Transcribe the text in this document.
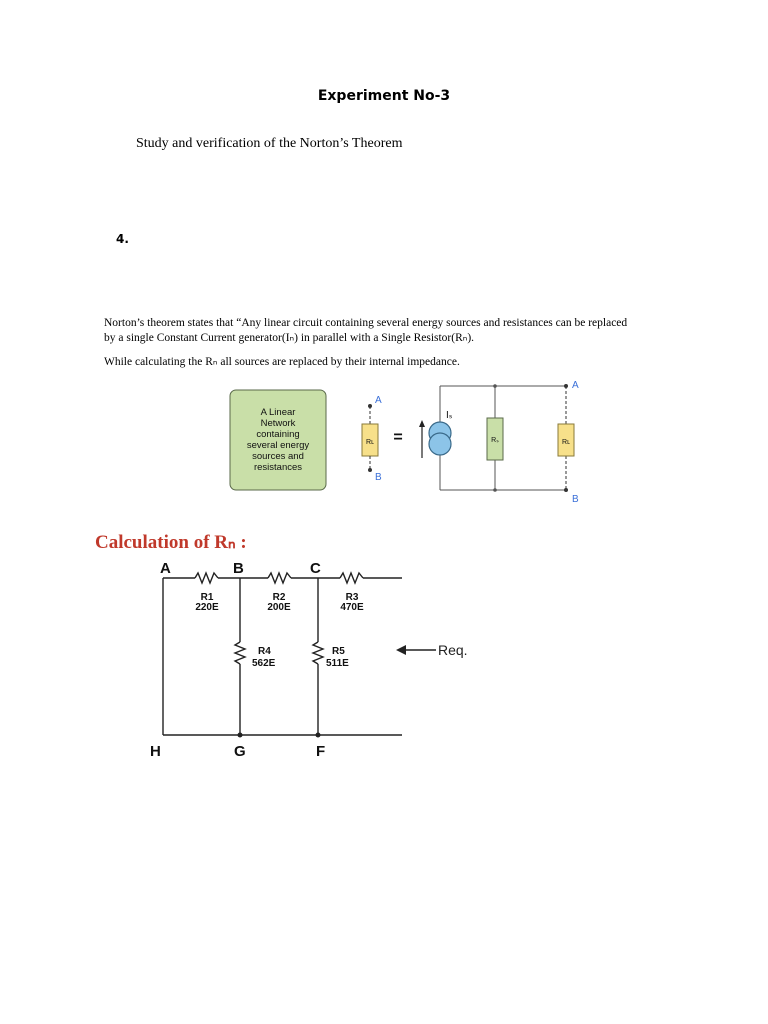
Experiment No-3
Study and verification of the Norton’s Theorem
4.
Norton’s theorem states that “Any linear circuit containing several energy sources and resistances can be replaced
by a single Constant Current generator(Iₙ) in parallel with a Single Resistor(Rₙ).
While calculating the Rₙ all sources are replaced by their internal impedance.
A Linear
Network
containing
several energy
sources and
resistances
A
Rʟ
B
=
Iₛ
Rₛ	Rʟ
A
B
Calculation of Rₙ :
A	B	C
H	G	F
R1
220E
R2
200E
R3
470E
R4
562E
R5
511E
Req.
